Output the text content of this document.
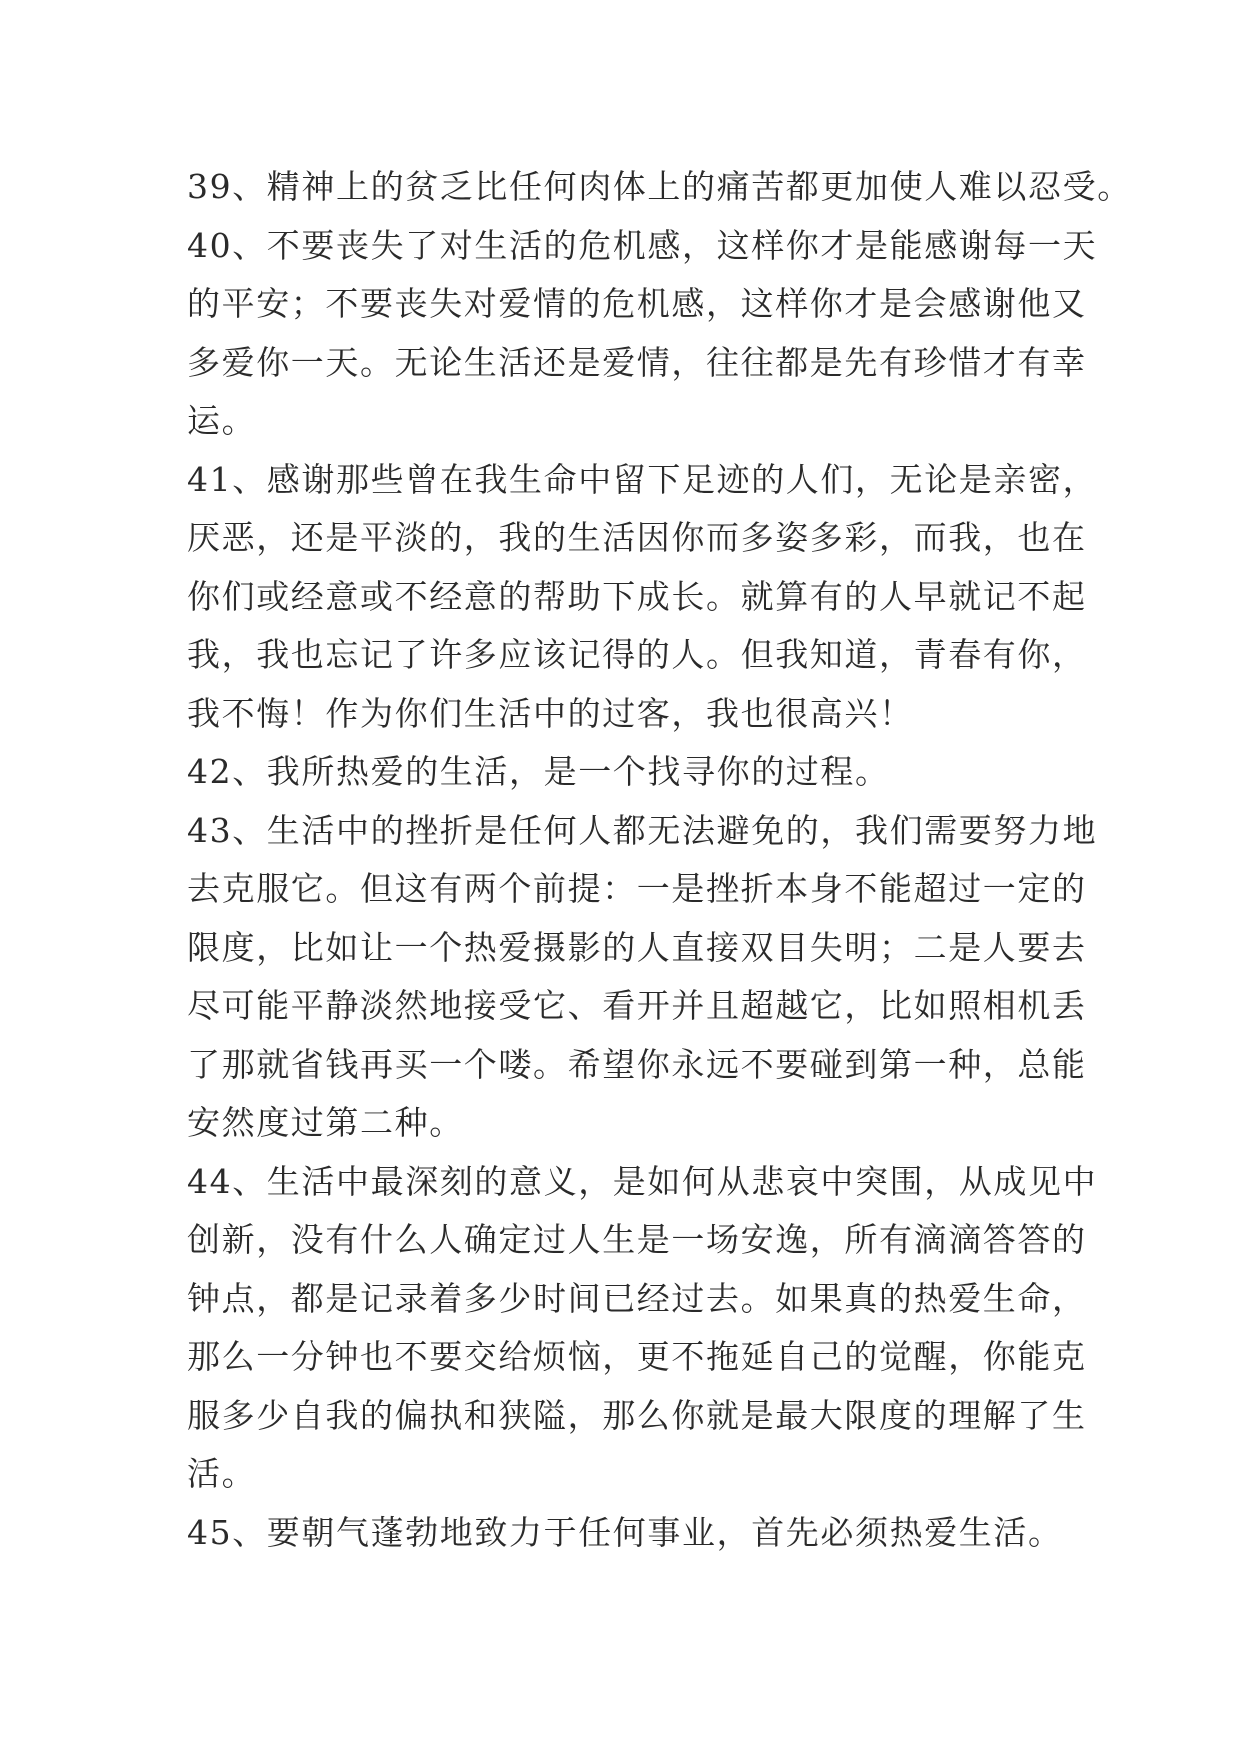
39、精神上的贫乏比任何肉体上的痛苦都更加使人难以忍受。
40、不要丧失了对生活的危机感，这样你才是能感谢每一天
的平安；不要丧失对爱情的危机感，这样你才是会感谢他又
多爱你一天。无论生活还是爱情，往往都是先有珍惜才有幸
运。
41、感谢那些曾在我生命中留下足迹的人们，无论是亲密，
厌恶，还是平淡的，我的生活因你而多姿多彩，而我，也在
你们或经意或不经意的帮助下成长。就算有的人早就记不起
我，我也忘记了许多应该记得的人。但我知道，青春有你，
我不悔！作为你们生活中的过客，我也很高兴！
42、我所热爱的生活，是一个找寻你的过程。
43、生活中的挫折是任何人都无法避免的，我们需要努力地
去克服它。但这有两个前提：一是挫折本身不能超过一定的
限度，比如让一个热爱摄影的人直接双目失明；二是人要去
尽可能平静淡然地接受它、看开并且超越它，比如照相机丢
了那就省钱再买一个喽。希望你永远不要碰到第一种，总能
安然度过第二种。
44、生活中最深刻的意义，是如何从悲哀中突围，从成见中
创新，没有什么人确定过人生是一场安逸，所有滴滴答答的
钟点，都是记录着多少时间已经过去。如果真的热爱生命，
那么一分钟也不要交给烦恼，更不拖延自己的觉醒，你能克
服多少自我的偏执和狭隘，那么你就是最大限度的理解了生
活。
45、要朝气蓬勃地致力于任何事业，首先必须热爱生活。
